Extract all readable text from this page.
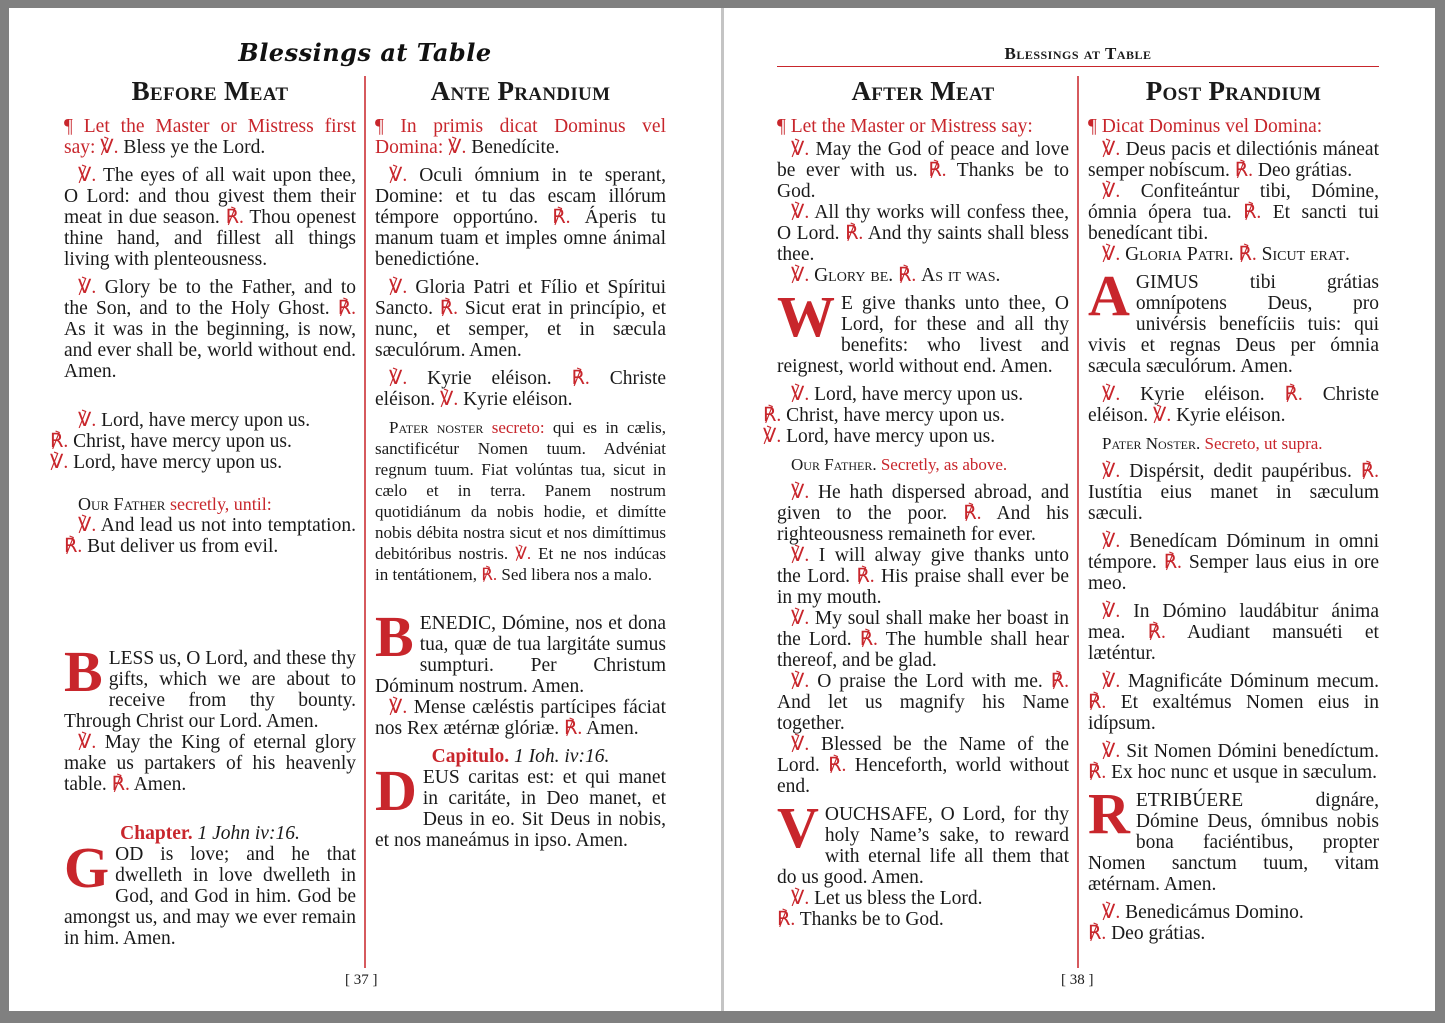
Blessings at Table
Before Meat

¶ Let the Master or Mistress first say: ℣. Bless ye the Lord.

℣. The eyes of all wait upon thee, O Lord: and thou givest them their meat in due season. ℟. Thou openest thine hand, and fillest all things living with plenteousness.

℣. Glory be to the Father, and to the Son, and to the Holy Ghost. ℟. As it was in the beginning, is now, and ever shall be, world without end. Amen.

℣. Lord, have mercy upon us.
℟. Christ, have mercy upon us.
℣. Lord, have mercy upon us.

Our Father secretly, until:

℣. And lead us not into temptation. ℟. But deliver us from evil.

B LESS us, O Lord, and these thy gifts, which we are about to receive from thy bounty. Through Christ our Lord. Amen.

℣. May the King of eternal glory make us partakers of his heavenly table. ℟. Amen.

Chapter. 1 John iv:16.

G OD is love; and he that dwelleth in love dwelleth in God, and God in him. God be amongst us, and may we ever remain in him. Amen.

Ante Prandium

¶ In primis dicat Dominus vel Domina: ℣. Benedícite.

℣. Oculi ómnium in te sperant, Domine: et tu das escam illórum témpore opportúno. ℟. Áperis tu manum tuam et imples omne ánimal benedictióne.

℣. Gloria Patri et Fílio et Spíritui Sancto. ℟. Sicut erat in princípio, et nunc, et semper, et in sæcula sæculórum. Amen.

℣. Kyrie eléison. ℟. Christe eléison. ℣. Kyrie eléison.

Pater noster secreto: qui es in cælis, sanctificétur Nomen tuum. Advéniat regnum tuum. Fiat volúntas tua, sicut in cælo et in terra. Panem nostrum quotidiánum da nobis hodie, et dimítte nobis débita nostra sicut et nos dimíttimus debitóribus nostris. ℣. Et ne nos indúcas in tentátionem, ℟. Sed libera nos a malo.

B ENEDIC, Dómine, nos et dona tua, quæ de tua largitáte sumus sumpturi. Per Christum Dóminum nostrum. Amen.

℣. Mense cæléstis partícipes fáciat nos Rex ætérnæ glóriæ. ℟. Amen.

Capitulo. 1 Ioh. iv:16.

D EUS caritas est: et qui manet in caritáte, in Deo manet, et Deus in eo. Sit Deus in nobis, et nos maneámus in ipso. Amen.

[ 37 ]
Blessings at Table
After Meat

¶ Let the Master or Mistress say:

℣. May the God of peace and love be ever with us. ℟. Thanks be to God.

℣. All thy works will confess thee, O Lord. ℟. And thy saints shall bless thee.

℣. Glory be. ℟. As it was.

W E give thanks unto thee, O Lord, for these and all thy benefits: who livest and reignest, world without end. Amen.

℣. Lord, have mercy upon us.
℟. Christ, have mercy upon us.
℣. Lord, have mercy upon us.

Our Father. Secretly, as above.

℣. He hath dispersed abroad, and given to the poor. ℟. And his righteousness remaineth for ever.

℣. I will alway give thanks unto the Lord. ℟. His praise shall ever be in my mouth.

℣. My soul shall make her boast in the Lord. ℟. The humble shall hear thereof, and be glad.

℣. O praise the Lord with me. ℟. And let us magnify his Name together.

℣. Blessed be the Name of the Lord. ℟. Henceforth, world without end.

V OUCHSAFE, O Lord, for thy holy Name’s sake, to reward with eternal life all them that do us good. Amen.

℣. Let us bless the Lord.
℟. Thanks be to God.

Post Prandium

¶ Dicat Dominus vel Domina:

℣. Deus pacis et dilectiónis máneat semper nobíscum. ℟. Deo grátias.

℣. Confiteántur tibi, Dómine, ómnia ópera tua. ℟. Et sancti tui benedícant tibi.

℣. Gloria Patri. ℟. Sicut erat.

A GIMUS tibi grátias omnípotens Deus, pro univérsis benefíciis tuis: qui vivis et regnas Deus per ómnia sæcula sæculórum. Amen.

℣. Kyrie eléison. ℟. Christe eléison. ℣. Kyrie eléison.

Pater Noster. Secreto, ut supra.

℣. Dispérsit, dedit paupéribus. ℟. Iustítia eius manet in sæculum sæculi.

℣. Benedícam Dóminum in omni témpore. ℟. Semper laus eius in ore meo.

℣. In Dómino laudábitur ánima mea. ℟. Audiant mansuéti et læténtur.

℣. Magnificáte Dóminum mecum. ℟. Et exaltémus Nomen eius in idípsum.

℣. Sit Nomen Dómini benedíctum. ℟. Ex hoc nunc et usque in sæculum.

R ETRIBÚERE dignáre, Dómine Deus, ómnibus nobis bona faciéntibus, propter Nomen sanctum tuum, vitam ætérnam. Amen.

℣. Benedicámus Domino.
℟. Deo grátias.

[ 38 ]
